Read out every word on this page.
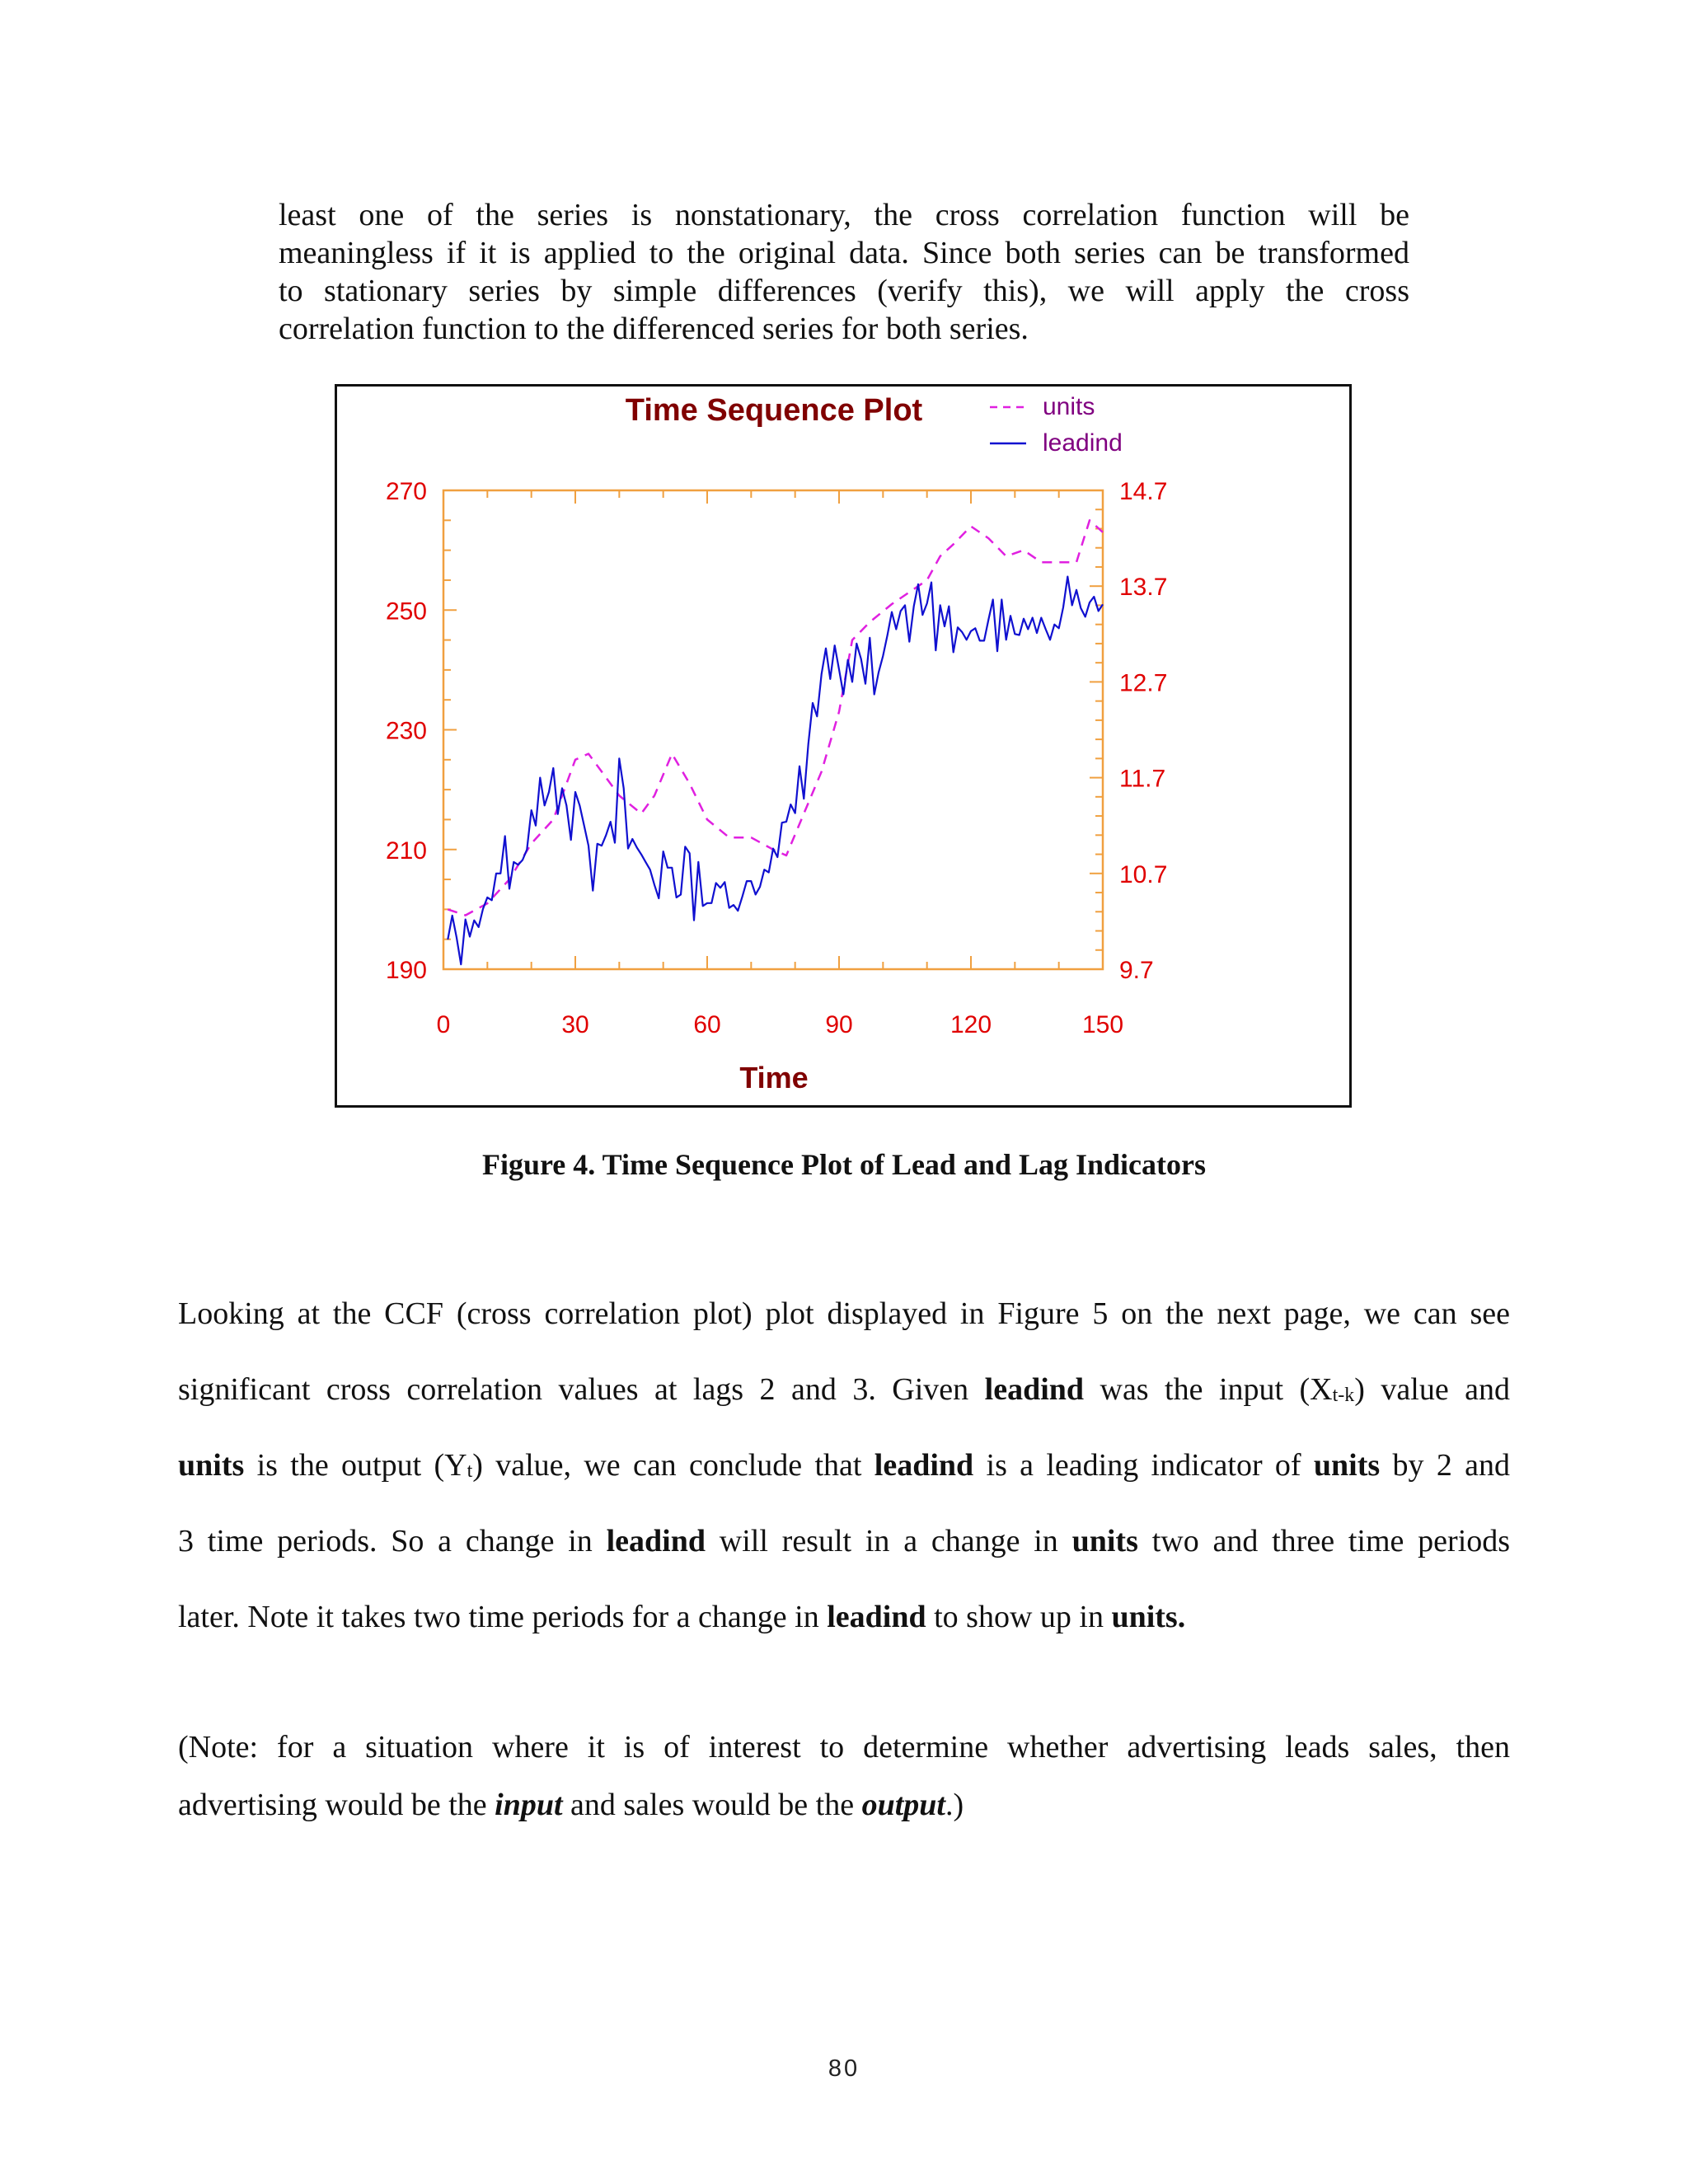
least one of the series is nonstationary, the cross correlation function will be
meaningless if it is applied to the original data. Since both series can be transformed
to stationary series by simple differences (verify this), we will apply the cross
correlation function to the differenced series for both series.
Time Sequence Plot	units
leadind
270
250
230
210
190
14.7
13.7
12.7
11.7
10.7
9.7
0	30	60	90	120	150
Time
Figure 4. Time Sequence Plot of Lead and Lag Indicators
Looking at the CCF (cross correlation plot) plot displayed in Figure 5 on the next page, we can see
significant cross correlation values at lags 2 and 3. Given leadind was the input (Xt-k) value and
units is the output (Yt) value, we can conclude that leadind is a leading indicator of units by 2 and
3 time periods. So a change in leadind will result in a change in units two and three time periods
later. Note it takes two time periods for a change in leadind to show up in units.
(Note: for a situation where it is of interest to determine whether advertising leads sales, then
advertising would be the input and sales would be the output.)
80
